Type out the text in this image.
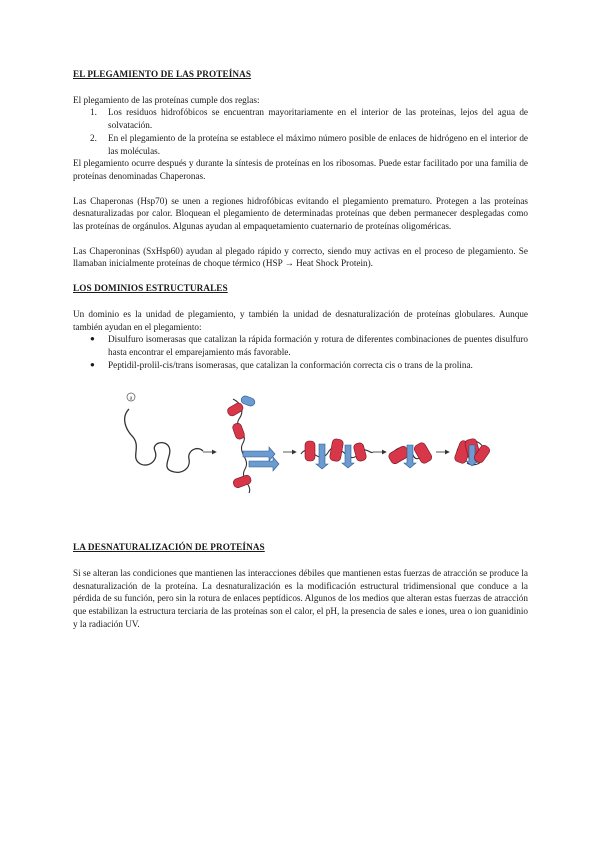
EL PLEGAMIENTO DE LAS PROTEÍNAS

El plegamiento de las proteínas cumple dos reglas:

1. Los residuos hidrofóbicos se encuentran mayoritariamente en el interior de las proteínas, lejos del agua de solvatación.
2. En el plegamiento de la proteína se establece el máximo número posible de enlaces de hidrógeno en el interior de las moléculas.

El plegamiento ocurre después y durante la síntesis de proteínas en los ribosomas. Puede estar facilitado por una familia de proteínas denominadas Chaperonas.

Las Chaperonas (Hsp70) se unen a regiones hidrofóbicas evitando el plegamiento prematuro. Protegen a las proteínas desnaturalizadas por calor. Bloquean el plegamiento de determinadas proteínas que deben permanecer desplegadas como las proteínas de orgánulos. Algunas ayudan al empaquetamiento cuaternario de proteínas oligoméricas.

Las Chaperoninas (SxHsp60) ayudan al plegado rápido y correcto, siendo muy activas en el proceso de plegamiento. Se llamaban inicialmente proteínas de choque térmico (HSP → Heat Shock Protein).

LOS DOMINIOS ESTRUCTURALES

Un dominio es la unidad de plegamiento, y también la unidad de desnaturalización de proteínas globulares. Aunque también ayudan en el plegamiento:

● Disulfuro isomerasas que catalizan la rápida formación y rotura de diferentes combinaciones de puentes disulfuro hasta encontrar el emparejamiento más favorable.
● Peptidil-prolil-cis/trans isomerasas, que catalizan la conformación correcta cis o trans de la prolina.
a
LA DESNATURALIZACIÓN DE PROTEÍNAS

Si se alteran las condiciones que mantienen las interacciones débiles que mantienen estas fuerzas de atracción se produce la desnaturalización de la proteína. La desnaturalización es la modificación estructural tridimensional que conduce a la pérdida de su función, pero sin la rotura de enlaces peptídicos. Algunos de los medios que alteran estas fuerzas de atracción que estabilizan la estructura terciaria de las proteínas son el calor, el pH, la presencia de sales e iones, urea o ion guanidinio y la radiación UV.
